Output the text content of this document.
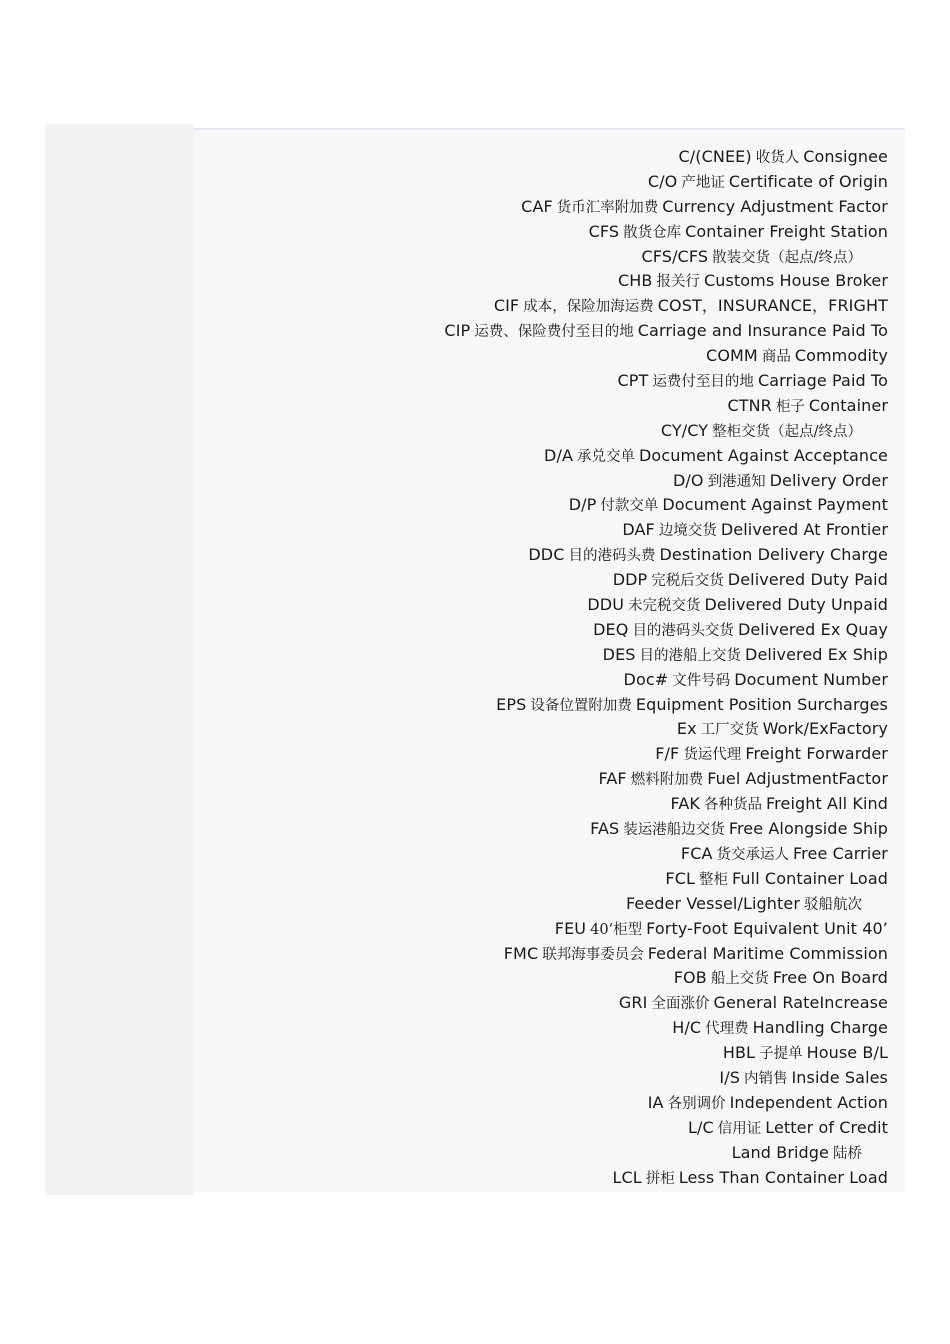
C/(CNEE) 收货人 Consignee
C/O 产地证 Certificate of Origin
CAF 货币汇率附加费 Currency Adjustment Factor
CFS 散货仓库 Container Freight Station
CFS/CFS 散装交货（起点/终点）
CHB 报关行 Customs House Broker
CIF 成本，保险加海运费 COST，INSURANCE，FRIGHT
CIP 运费、保险费付至目的地 Carriage and Insurance Paid To
COMM 商品 Commodity
CPT 运费付至目的地 Carriage Paid To
CTNR 柜子 Container
CY/CY 整柜交货（起点/终点）
D/A 承兑交单 Document Against Acceptance
D/O 到港通知 Delivery Order
D/P 付款交单 Document Against Payment
DAF 边境交货 Delivered At Frontier
DDC 目的港码头费 Destination Delivery Charge
DDP 完税后交货 Delivered Duty Paid
DDU 未完税交货 Delivered Duty Unpaid
DEQ 目的港码头交货 Delivered Ex Quay
DES 目的港船上交货 Delivered Ex Ship
Doc# 文件号码 Document Number
EPS 设备位置附加费 Equipment Position Surcharges
Ex 工厂交货 Work/ExFactory
F/F 货运代理 Freight Forwarder
FAF 燃料附加费 Fuel AdjustmentFactor
FAK 各种货品 Freight All Kind
FAS 装运港船边交货 Free Alongside Ship
FCA 货交承运人 Free Carrier
FCL 整柜 Full Container Load
Feeder Vessel/Lighter 驳船航次
FEU 40‘柜型 Forty-Foot Equivalent Unit 40’
FMC 联邦海事委员会 Federal Maritime Commission
FOB 船上交货 Free On Board
GRI 全面涨价 General RateIncrease
H/C 代理费 Handling Charge
HBL 子提单 House B/L
I/S 内销售 Inside Sales
IA 各别调价 Independent Action
L/C 信用证 Letter of Credit
Land Bridge 陆桥
LCL 拼柜 Less Than Container Load
